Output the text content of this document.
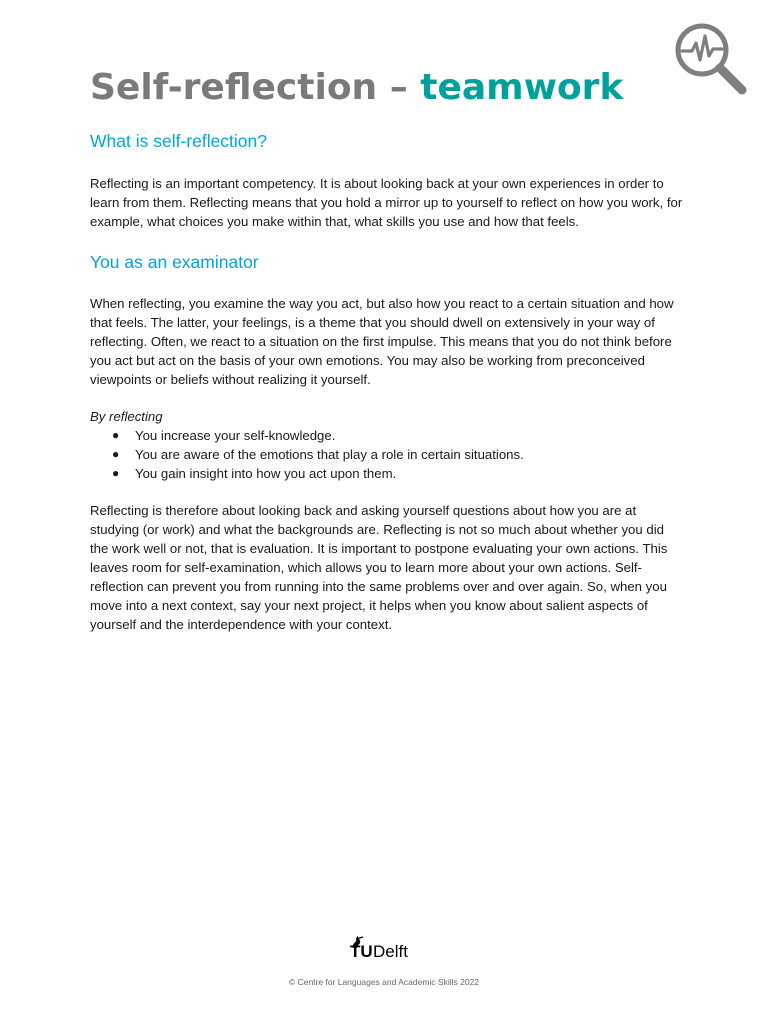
Self-reflection – teamwork
What is self-reflection?

Reflecting is an important competency. It is about looking back at your own experiences in order to learn from them. Reflecting means that you hold a mirror up to yourself to reflect on how you work, for example, what choices you make within that, what skills you use and how that feels.

You as an examinator

When reflecting, you examine the way you act, but also how you react to a certain situation and how that feels. The latter, your feelings, is a theme that you should dwell on extensively in your way of reflecting. Often, we react to a situation on the first impulse. This means that you do not think before you act but act on the basis of your own emotions. You may also be working from preconceived viewpoints or beliefs without realizing it yourself.

By reflecting

● You increase your self-knowledge.
● You are aware of the emotions that play a role in certain situations.
● You gain insight into how you act upon them.

Reflecting is therefore about looking back and asking yourself questions about how you are at studying (or work) and what the backgrounds are. Reflecting is not so much about whether you did the work well or not, that is evaluation. It is important to postpone evaluating your own actions. This leaves room for self-examination, which allows you to learn more about your own actions. Self-reflection can prevent you from running into the same problems over and over again. So, when you move into a next context, say your next project, it helps when you know about salient aspects of yourself and the interdependence with your context.

TU Delft
© Centre for Languages and Academic Skills 2022
